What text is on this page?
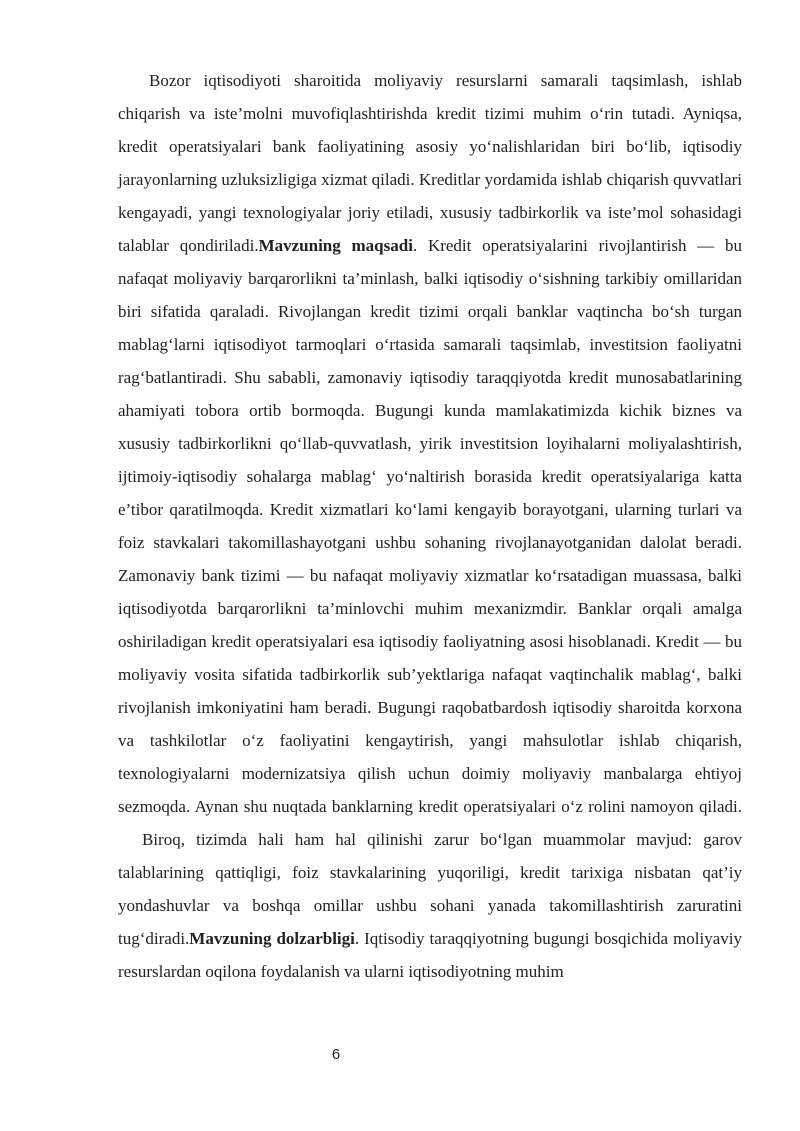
Bozor iqtisodiyoti sharoitida moliyaviy resurslarni samarali taqsimlash, ishlab chiqarish va iste’molni muvofiqlashtirishda kredit tizimi muhim o‘rin tutadi. Ayniqsa, kredit operatsiyalari bank faoliyatining asosiy yo‘nalishlaridan biri bo‘lib, iqtisodiy jarayonlarning uzluksizligiga xizmat qiladi. Kreditlar yordamida ishlab chiqarish quvvatlari kengayadi, yangi texnologiyalar joriy etiladi, xususiy tadbirkorlik va iste’mol sohasidagi talablar qondiriladi.Mavzuning maqsadi. Kredit operatsiyalarini rivojlantirish — bu nafaqat moliyaviy barqarorlikni ta’minlash, balki iqtisodiy o‘sishning tarkibiy omillaridan biri sifatida qaraladi. Rivojlangan kredit tizimi orqali banklar vaqtincha bo‘sh turgan mablag‘larni iqtisodiyot tarmoqlari o‘rtasida samarali taqsimlab, investitsion faoliyatni rag‘batlantiradi. Shu sababli, zamonaviy iqtisodiy taraqqiyotda kredit munosabatlarining ahamiyati tobora ortib bormoqda. Bugungi kunda mamlakatimizda kichik biznes va xususiy tadbirkorlikni qo‘llab-quvvatlash, yirik investitsion loyihalarni moliyalashtirish, ijtimoiy-iqtisodiy sohalarga mablag‘ yo‘naltirish borasida kredit operatsiyalariga katta e’tibor qaratilmoqda. Kredit xizmatlari ko‘lami kengayib borayotgani, ularning turlari va foiz stavkalari takomillashayotgani ushbu sohaning rivojlanayotganidan dalolat beradi. Zamonaviy bank tizimi — bu nafaqat moliyaviy xizmatlar ko‘rsatadigan muassasa, balki iqtisodiyotda barqarorlikni ta’minlovchi muhim mexanizmdir. Banklar orqali amalga oshiriladigan kredit operatsiyalari esa iqtisodiy faoliyatning asosi hisoblanadi. Kredit — bu moliyaviy vosita sifatida tadbirkorlik sub’yektlariga nafaqat vaqtinchalik mablag‘, balki rivojlanish imkoniyatini ham beradi. Bugungi raqobatbardosh iqtisodiy sharoitda korxona va tashkilotlar o‘z faoliyatini kengaytirish, yangi mahsulotlar ishlab chiqarish, texnologiyalarni modernizatsiya qilish uchun doimiy moliyaviy manbalarga ehtiyoj sezmoqda. Aynan shu nuqtada banklarning kredit operatsiyalari o‘z rolini namoyon qiladi.Biroq, tizimda hali ham hal qilinishi zarur bo‘lgan muammolar mavjud: garov talablarining qattiqligi, foiz stavkalarining yuqoriligi, kredit tarixiga nisbatan qat’iy yondashuvlar va boshqa omillar ushbu sohani yanada takomillashtirish zaruratini tug‘diradi.Mavzuning dolzarbligi. Iqtisodiy taraqqiyotning bugungi bosqichida moliyaviy resurslardan oqilona foydalanish va ularni iqtisodiyotning muhim

6
